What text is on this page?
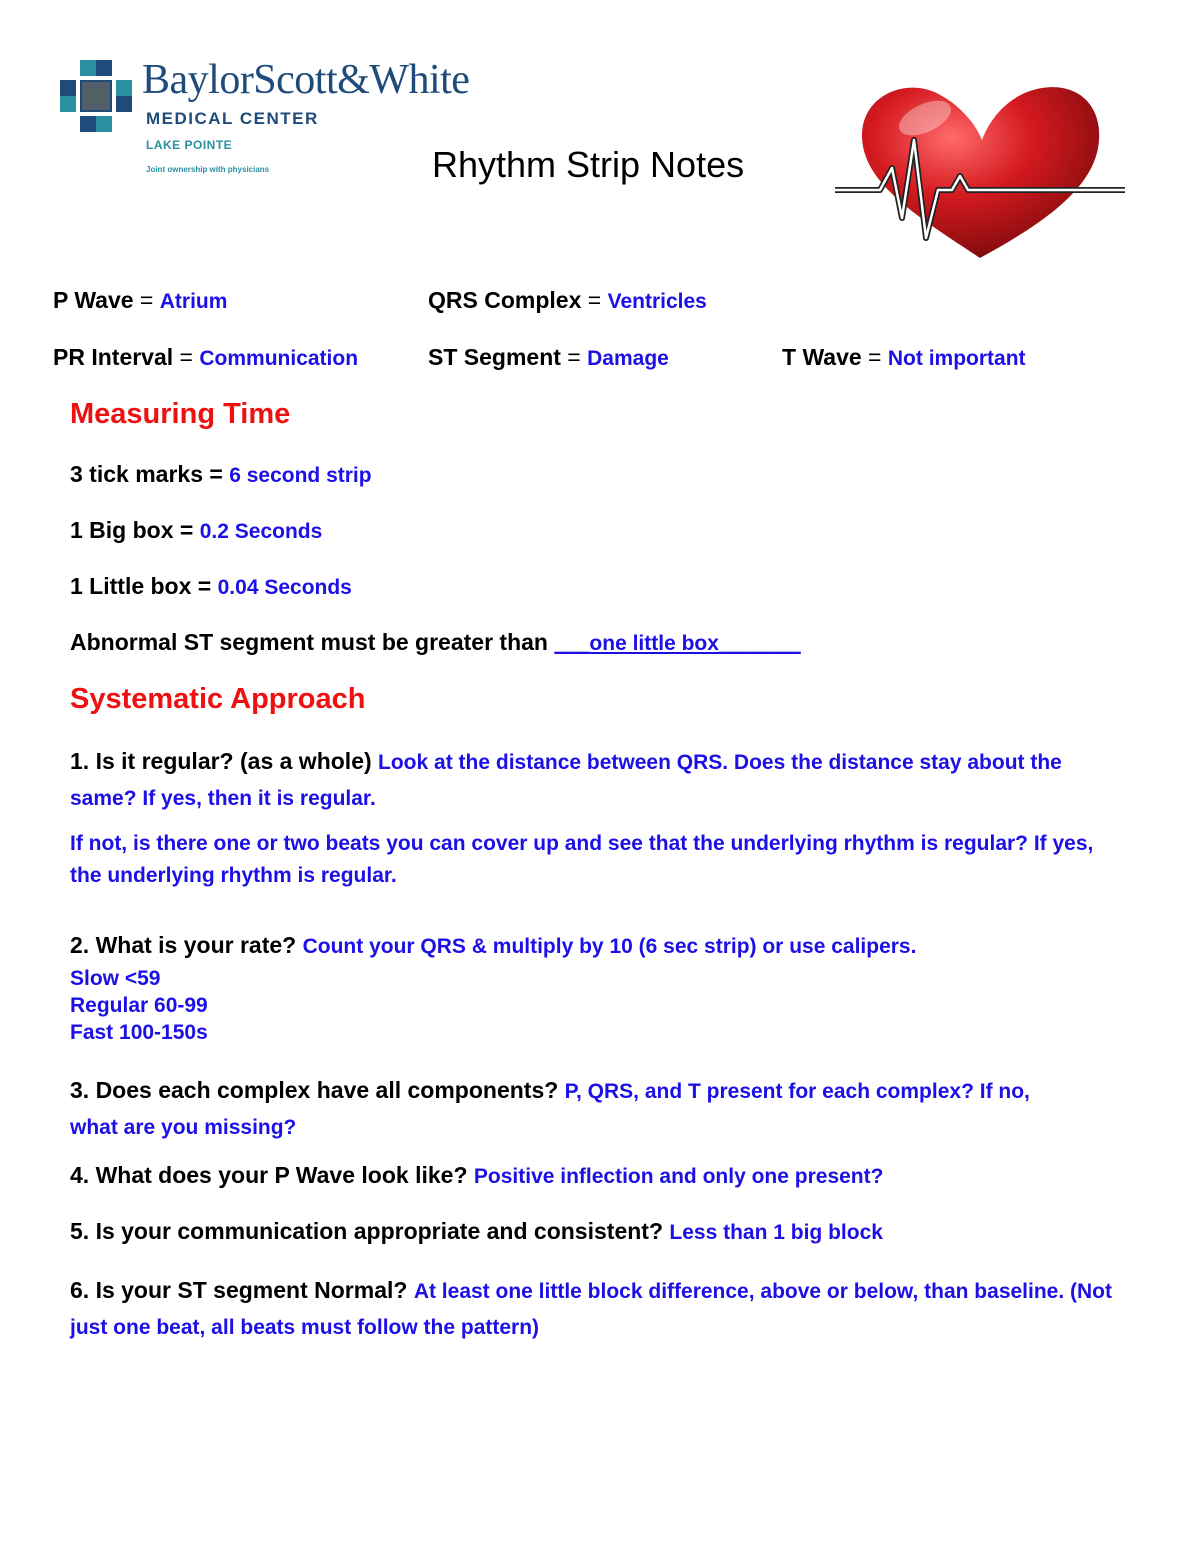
BaylorScott&White
MEDICAL CENTER
LAKE POINTE
Joint ownership with physicians	Rhythm Strip Notes
P Wave = Atrium	QRS Complex = Ventricles
PR Interval = Communication	ST Segment = Damage	T Wave = Not important
Measuring Time
3 tick marks = 6 second strip
1 Big box = 0.2 Seconds
1 Little box = 0.04 Seconds
Abnormal ST segment must be greater than ___one little box_______
Systematic Approach
1. Is it regular? (as a whole) Look at the distance between QRS. Does the distance stay about the same? If yes, then it is regular.
If not, is there one or two beats you can cover up and see that the underlying rhythm is regular? If yes, the underlying rhythm is regular.
2. What is your rate? Count your QRS & multiply by 10 (6 sec strip) or use calipers.
Slow <59
Regular 60-99
Fast 100-150s
3. Does each complex have all components? P, QRS, and T present for each complex? If no, what are you missing?
4. What does your P Wave look like? Positive inflection and only one present?
5. Is your communication appropriate and consistent? Less than 1 big block
6. Is your ST segment Normal? At least one little block difference, above or below, than baseline. (Not just one beat, all beats must follow the pattern)
